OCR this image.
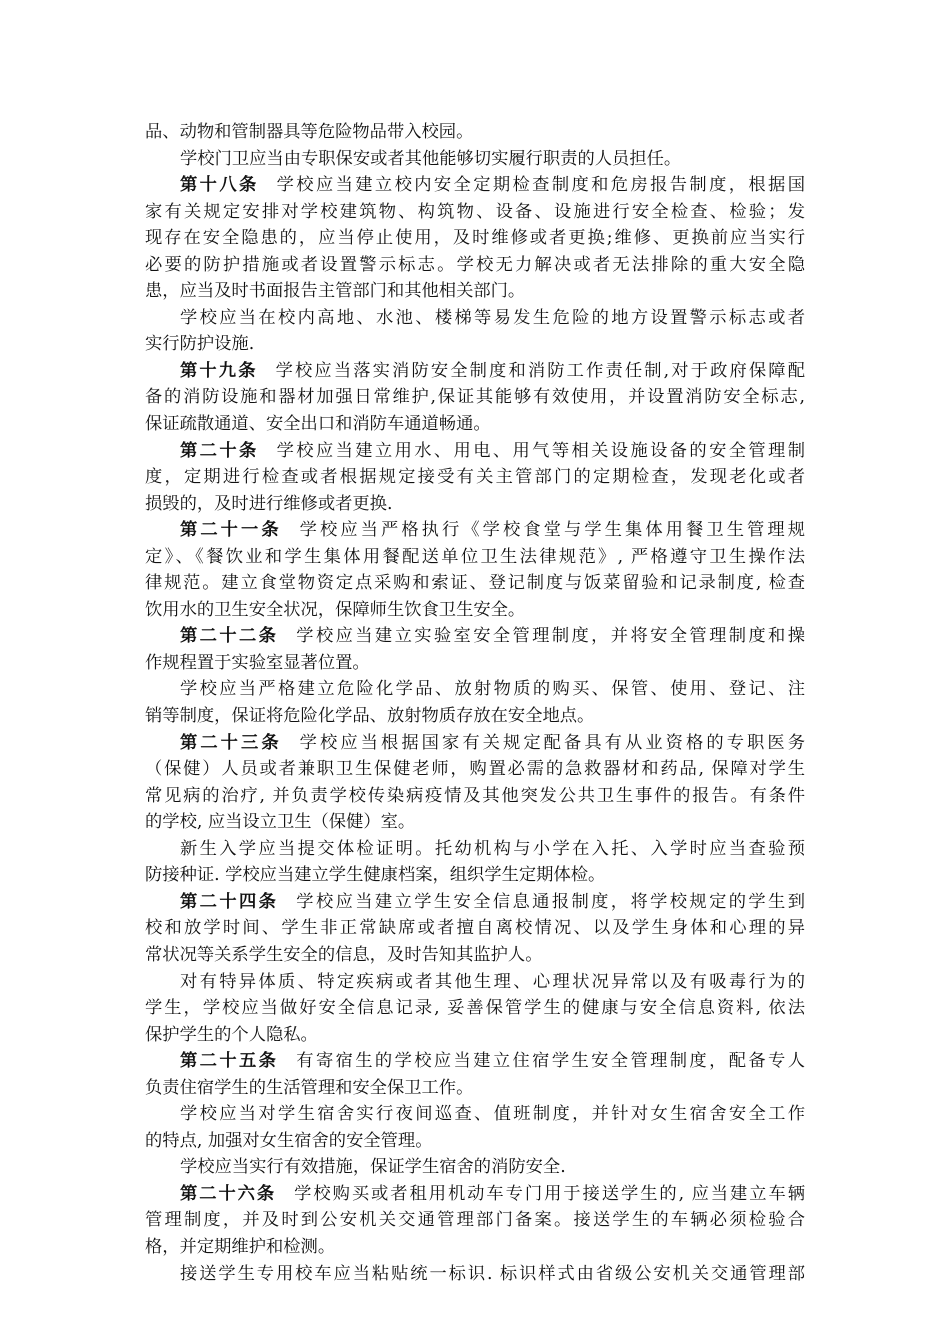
品、动物和管制器具等危险物品带入校园。
学校门卫应当由专职保安或者其他能够切实履行职责的人员担任。
第十八条 学校应当建立校内安全定期检查制度和危房报告制度，根据国
家有关规定安排对学校建筑物、构筑物、设备、设施进行安全检查、检验；发
现存在安全隐患的，应当停止使用，及时维修或者更换;维修、更换前应当实行
必要的防护措施或者设置警示标志。学校无力解决或者无法排除的重大安全隐
患，应当及时书面报告主管部门和其他相关部门。
学校应当在校内高地、水池、楼梯等易发生危险的地方设置警示标志或者
实行防护设施.
第十九条 学校应当落实消防安全制度和消防工作责任制,对于政府保障配
备的消防设施和器材加强日常维护,保证其能够有效使用，并设置消防安全标志,
保证疏散通道、安全出口和消防车通道畅通。
第二十条 学校应当建立用水、用电、用气等相关设施设备的安全管理制
度，定期进行检查或者根据规定接受有关主管部门的定期检查，发现老化或者
损毁的，及时进行维修或者更换.
第二十一条 学校应当严格执行《学校食堂与学生集体用餐卫生管理规
定》、《餐饮业和学生集体用餐配送单位卫生法律规范》, 严格遵守卫生操作法
律规范。建立食堂物资定点采购和索证、登记制度与饭菜留验和记录制度, 检查
饮用水的卫生安全状况，保障师生饮食卫生安全。
第二十二条 学校应当建立实验室安全管理制度，并将安全管理制度和操
作规程置于实验室显著位置。
学校应当严格建立危险化学品、放射物质的购买、保管、使用、登记、注
销等制度，保证将危险化学品、放射物质存放在安全地点。
第二十三条 学校应当根据国家有关规定配备具有从业资格的专职医务
（保健）人员或者兼职卫生保健老师，购置必需的急救器材和药品, 保障对学生
常见病的治疗, 并负责学校传染病疫情及其他突发公共卫生事件的报告。有条件
的学校, 应当设立卫生（保健）室。
新生入学应当提交体检证明。托幼机构与小学在入托、入学时应当查验预
防接种证. 学校应当建立学生健康档案，组织学生定期体检。
第二十四条 学校应当建立学生安全信息通报制度，将学校规定的学生到
校和放学时间、学生非正常缺席或者擅自离校情况、以及学生身体和心理的异
常状况等关系学生安全的信息，及时告知其监护人。
对有特异体质、特定疾病或者其他生理、心理状况异常以及有吸毒行为的
学生，学校应当做好安全信息记录, 妥善保管学生的健康与安全信息资料, 依法
保护学生的个人隐私。
第二十五条 有寄宿生的学校应当建立住宿学生安全管理制度，配备专人
负责住宿学生的生活管理和安全保卫工作。
学校应当对学生宿舍实行夜间巡查、值班制度，并针对女生宿舍安全工作
的特点, 加强对女生宿舍的安全管理。
学校应当实行有效措施，保证学生宿舍的消防安全.
第二十六条 学校购买或者租用机动车专门用于接送学生的, 应当建立车辆
管理制度，并及时到公安机关交通管理部门备案。接送学生的车辆必须检验合
格，并定期维护和检测。
接送学生专用校车应当粘贴统一标识. 标识样式由省级公安机关交通管理部
